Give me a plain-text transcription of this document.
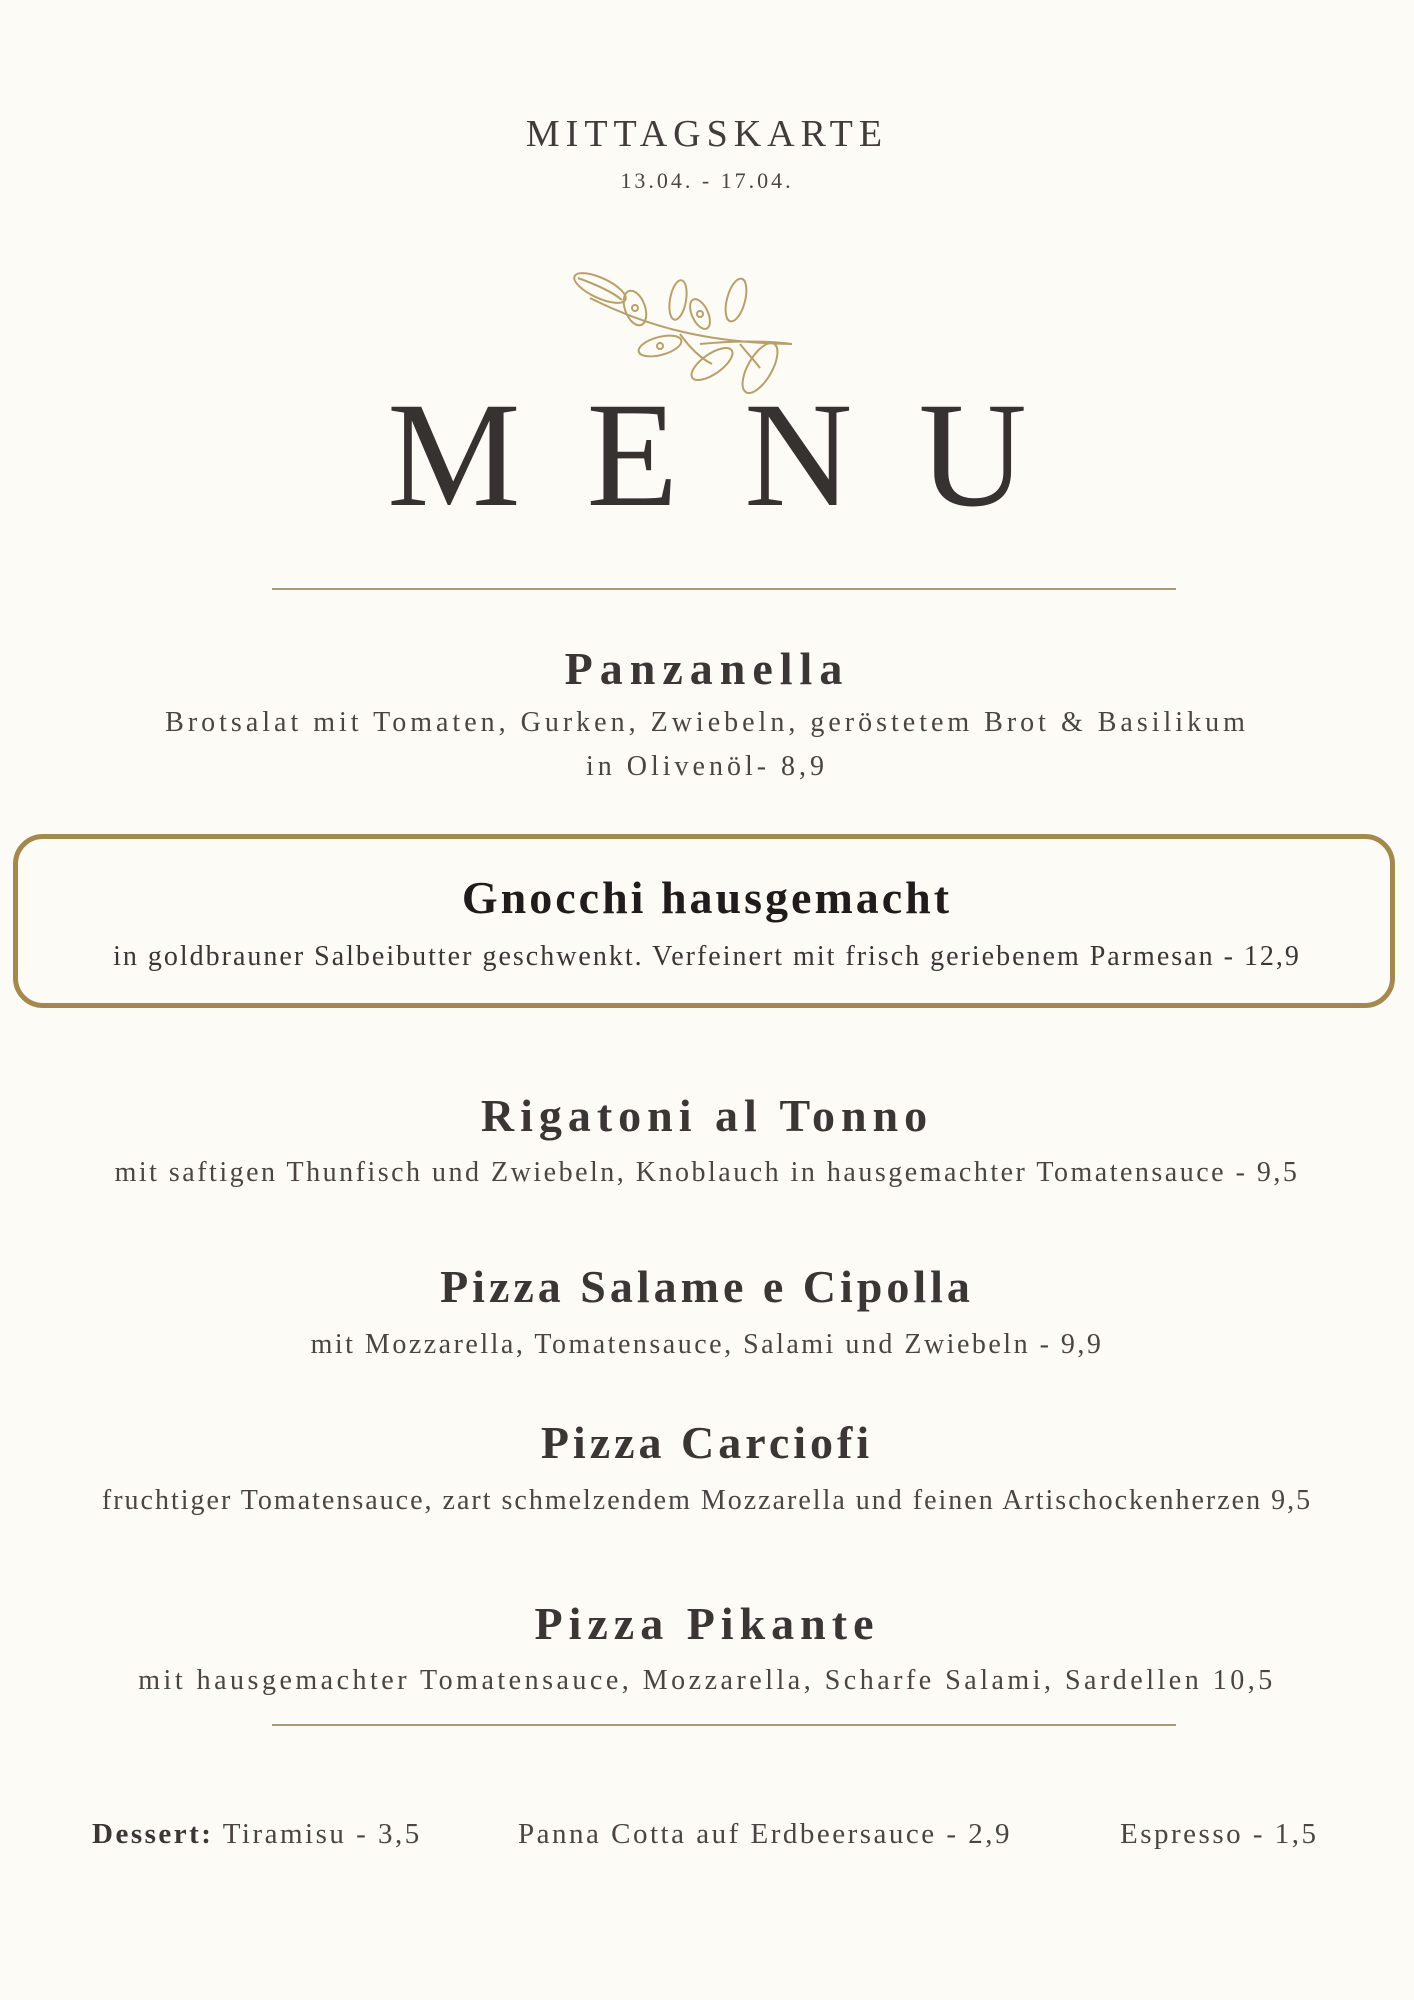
MITTAGSKARTE
13.04. - 17.04.
MENU
Panzanella
Brotsalat mit Tomaten, Gurken, Zwiebeln, geröstetem Brot & Basilikum
in Olivenöl- 8,9
Gnocchi hausgemacht
in goldbrauner Salbeibutter geschwenkt. Verfeinert mit frisch geriebenem Parmesan - 12,9
Rigatoni al Tonno
mit saftigen Thunfisch und Zwiebeln, Knoblauch in hausgemachter Tomatensauce - 9,5
Pizza Salame e Cipolla
mit Mozzarella, Tomatensauce, Salami und Zwiebeln - 9,9
Pizza Carciofi
fruchtiger Tomatensauce, zart schmelzendem Mozzarella und feinen Artischockenherzen 9,5
Pizza Pikante
mit hausgemachter Tomatensauce, Mozzarella, Scharfe Salami, Sardellen 10,5
Dessert: Tiramisu - 3,5	Panna Cotta auf Erdbeersauce - 2,9	Espresso - 1,5
